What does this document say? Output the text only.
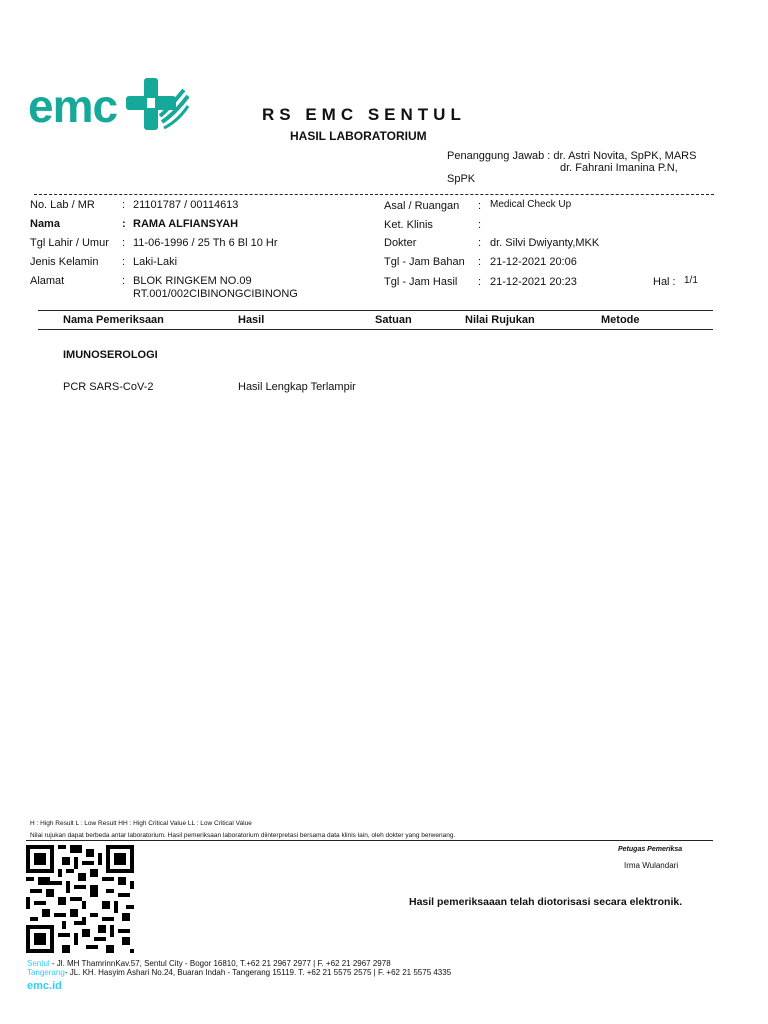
emc	RS EMC SENTUL
HASIL LABORATORIUM
Penanggung Jawab : dr. Astri Novita, SpPK, MARS
dr. Fahrani Imanina P.N,
SpPK
No. Lab / MR : 21101787 / 00114613
Nama	: RAMA ALFIANSYAH
Tgl Lahir / Umur : 11-06-1996 / 25 Th 6 Bl 10 Hr
Jenis Kelamin : Laki-Laki
Alamat	: BLOK RINGKEM NO.09
RT.001/002CIBINONGCIBINONG
Asal / Ruangan : Medical Check Up
Ket. Klinis	:
Dokter	: dr. Silvi Dwiyanty,MKK
Tgl - Jam Bahan : 21-12-2021 20:06
Tgl - Jam Hasil : 21-12-2021 20:23	Hal : 1/1
Nama Pemeriksaan	Hasil	Satuan	Nilai Rujukan	Metode
IMUNOSEROLOGI
PCR SARS-CoV-2	Hasil Lengkap Terlampir
H : High Result L : Low Result HH : High Critical Value LL : Low Critical Value
Nilai rujukan dapat berbeda antar laboratorium. Hasil pemeriksaan laboratorium diinterpretasi bersama data klinis lain, oleh dokter yang berwenang.
Petugas Pemeriksa
Irma Wulandari
Hasil pemeriksaaan telah diotorisasi secara elektronik.
Sentul - Jl. MH ThamrinnKav.57, Sentul City - Bogor 16810, T.+62 21 2967 2977 | F. +62 21 2967 2978
Tangerang- JL. KH. Hasyim Ashari No.24, Buaran Indah - Tangerang 15119. T. +62 21 5575 2575 | F. +62 21 5575 4335
emc.id
